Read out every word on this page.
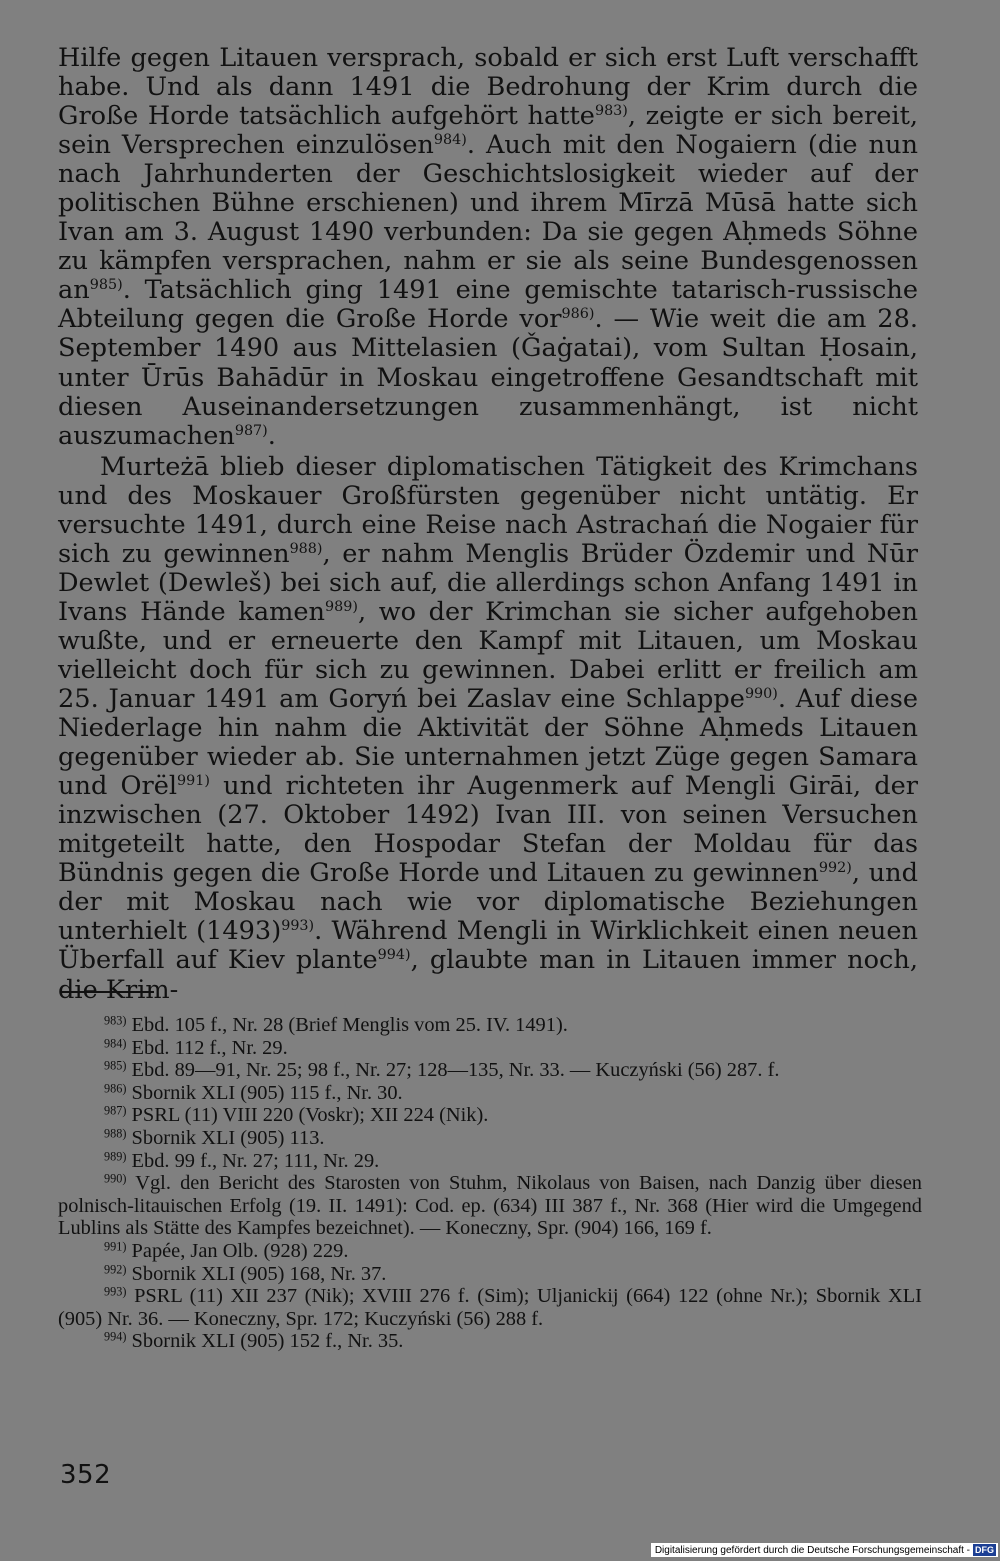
Hilfe gegen Litauen versprach, sobald er sich erst Luft verschafft habe. Und als dann 1491 die Bedrohung der Krim durch die Große Horde tatsächlich aufgehört hatte$^{983)}$, zeigte er sich bereit, sein Versprechen einzulösen$^{984)}$. Auch mit den Nogaiern (die nun nach Jahrhunderten der Geschichtslosigkeit wieder auf der politischen Bühne erschienen) und ihrem Mīrzā Mūsā hatte sich Ivan am 3. August 1490 verbunden: Da sie gegen Aḥmeds Söhne zu kämpfen versprachen, nahm er sie als seine Bundesgenossen an$^{985)}$. Tatsächlich ging 1491 eine gemischte tatarisch-russische Abteilung gegen die Große Horde vor$^{986)}$. — Wie weit die am 28. September 1490 aus Mittelasien (Ǧaġatai), vom Sultan Ḥosain, unter Ūrūs Bahādūr in Moskau eingetroffene Gesandtschaft mit diesen Auseinandersetzungen zusammenhängt, ist nicht auszumachen$^{987)}$.

Murteżā blieb dieser diplomatischen Tätigkeit des Krimchans und des Moskauer Großfürsten gegenüber nicht untätig. Er versuchte 1491, durch eine Reise nach Astrachań die Nogaier für sich zu gewinnen$^{988)}$, er nahm Menglis Brüder Özdemir und Nūr Dewlet (Dewleš) bei sich auf, die allerdings schon Anfang 1491 in Ivans Hände kamen$^{989)}$, wo der Krimchan sie sicher aufgehoben wußte, und er erneuerte den Kampf mit Litauen, um Moskau vielleicht doch für sich zu gewinnen. Dabei erlitt er freilich am 25. Januar 1491 am Goryń bei Zaslav eine Schlappe$^{990)}$. Auf diese Niederlage hin nahm die Aktivität der Söhne Aḥmeds Litauen gegenüber wieder ab. Sie unternahmen jetzt Züge gegen Samara und Orël$^{991)}$ und richteten ihr Augenmerk auf Mengli Girāi, der inzwischen (27. Oktober 1492) Ivan III. von seinen Versuchen mitgeteilt hatte, den Hospodar Stefan der Moldau für das Bündnis gegen die Große Horde und Litauen zu gewinnen$^{992)}$, und der mit Moskau nach wie vor diplomatische Beziehungen unterhielt (1493)$^{993)}$. Während Mengli in Wirklichkeit einen neuen Überfall auf Kiev plante$^{994)}$, glaubte man in Litauen immer noch, die Krim-

$^{983)}$ Ebd. 105 f., Nr. 28 (Brief Menglis vom 25. IV. 1491).
$^{984)}$ Ebd. 112 f., Nr. 29.
$^{985)}$ Ebd. 89—91, Nr. 25; 98 f., Nr. 27; 128—135, Nr. 33. — Kuczyński (56) 287. f.
$^{986)}$ Sbornik XLI (905) 115 f., Nr. 30.
$^{987)}$ PSRL (11) VIII 220 (Voskr); XII 224 (Nik).
$^{988)}$ Sbornik XLI (905) 113.
$^{989)}$ Ebd. 99 f., Nr. 27; 111, Nr. 29.
$^{990)}$ Vgl. den Bericht des Starosten von Stuhm, Nikolaus von Baisen, nach Danzig über diesen polnisch-litauischen Erfolg (19. II. 1491): Cod. ep. (634) III 387 f., Nr. 368 (Hier wird die Umgegend Lublins als Stätte des Kampfes bezeichnet). — Koneczny, Spr. (904) 166, 169 f.
$^{991)}$ Papée, Jan Olb. (928) 229.
$^{992)}$ Sbornik XLI (905) 168, Nr. 37.
$^{993)}$ PSRL (11) XII 237 (Nik); XVIII 276 f. (Sim); Uljanickij (664) 122 (ohne Nr.); Sbornik XLI (905) Nr. 36. — Koneczny, Spr. 172; Kuczyński (56) 288 f.
$^{994)}$ Sbornik XLI (905) 152 f., Nr. 35.
352
Digitalisierung gefördert durch die Deutsche Forschungsgemeinschaft - DFG
